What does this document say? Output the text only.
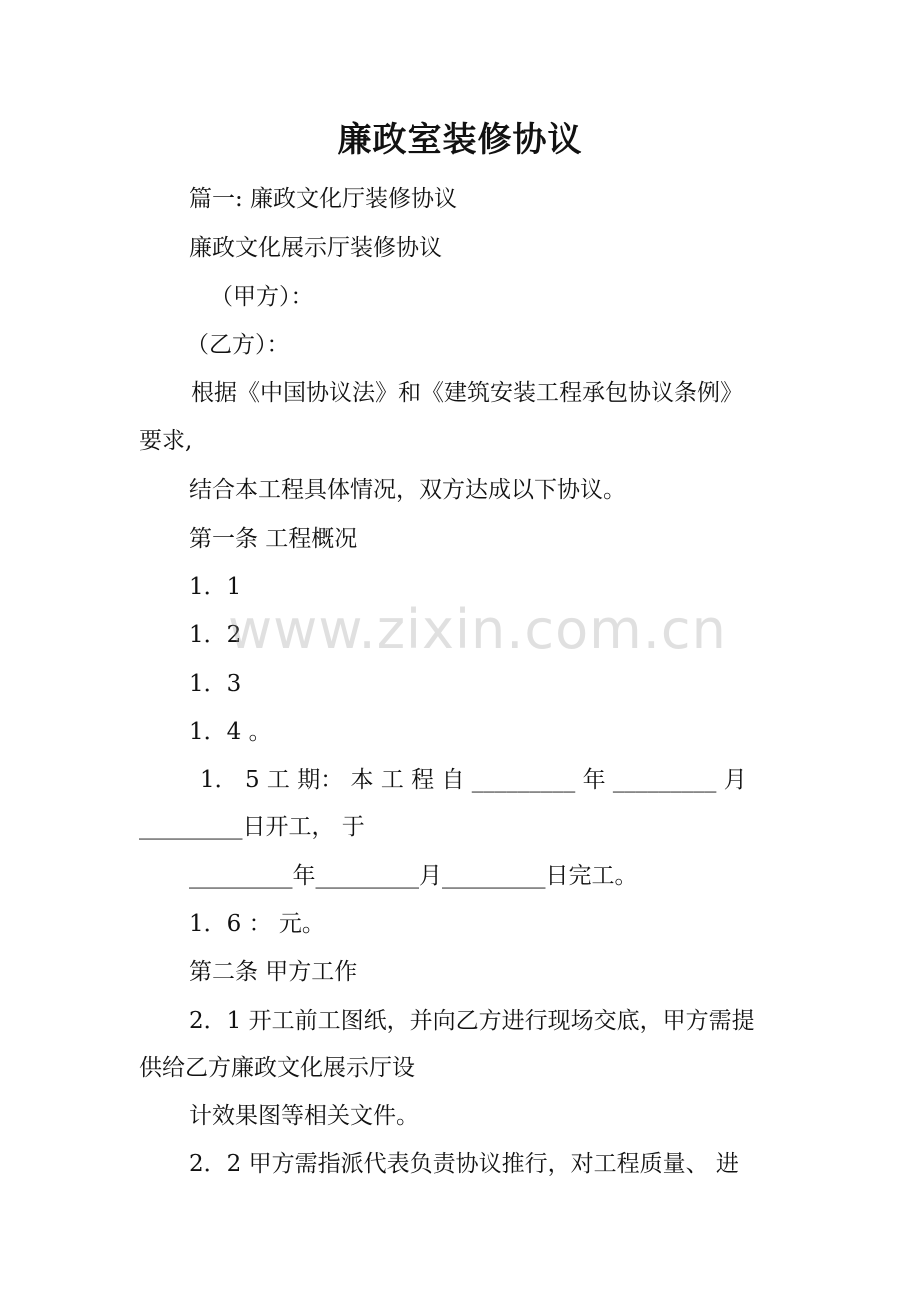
廉政室装修协议
篇一: 廉政文化厅装修协议
廉政文化展示厅装修协议
（甲方）：
（乙方）：
根据《中国协议法》和《建筑安装工程承包协议条例》
要求,
结合本工程具体情况，双方达成以下协议。
第一条 工程概况
1．1
1．2
1．3
1．4 。
1． 5 工 期： 本 工 程 自 _________ 年 _________ 月
_________日开工， 于
_________年_________月_________日完工。
1．6 ： 元。
第二条 甲方工作
2．1 开工前工图纸，并向乙方进行现场交底，甲方需提
供给乙方廉政文化展示厅设
计效果图等相关文件。
2．2 甲方需指派代表负责协议推行，对工程质量、 进
www.zixin.com.cn
